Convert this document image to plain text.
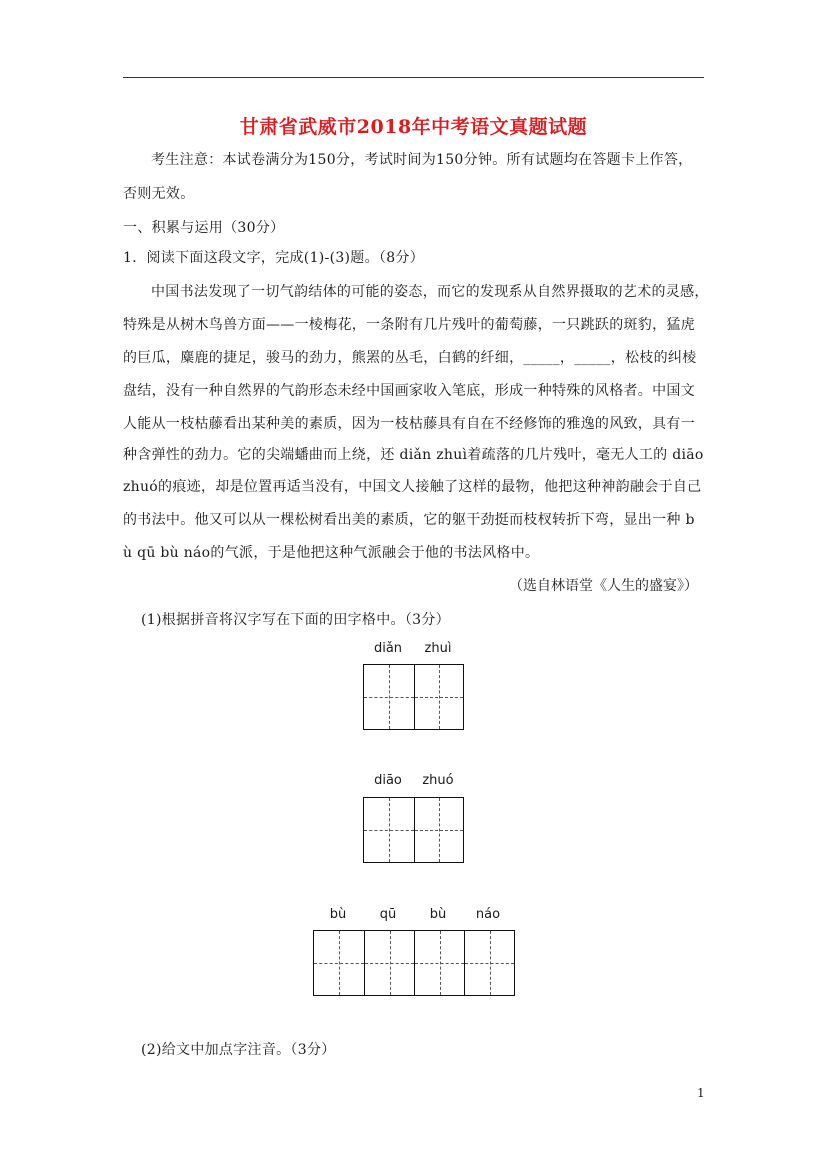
甘肃省武威市2018年中考语文真题试题
考生注意：本试卷满分为150分，考试时间为150分钟。所有试题均在答题卡上作答，
否则无效。
一、积累与运用（30分）
1．阅读下面这段文字，完成(1)-(3)题。（8分）
中国书法发现了一切气韵结体的可能的姿态，而它的发现系从自然界摄取的艺术的灵感，
特殊是从树木鸟兽方面——一棱梅花，一条附有几片残叶的葡萄藤，一只跳跃的斑豹，猛虎
的巨瓜，麋鹿的捷足，骏马的劲力，熊罴的丛毛，白鹤的纤细，_____，_____，松枝的纠棱
盘结，没有一种自然界的气韵形态未经中国画家收入笔底，形成一种特殊的风格者。中国文
人能从一枝枯藤看出某种美的素质，因为一枝枯藤具有自在不经修饰的雅逸的风致，具有一
种含弹性的劲力。它的尖端蟠曲而上绕，还 diǎn zhuì着疏落的几片残叶，毫无人工的 diāo
zhuó的痕迹，却是位置再适当没有，中国文人接触了这样的最物，他把这种神韵融会于自己
的书法中。他又可以从一棵松树看出美的素质，它的躯干劲挺而枝杈转折下弯，显出一种 b
ù qū bù náo的气派，于是他把这种气派融会于他的书法风格中。
（选自林语堂《人生的盛宴》）
(1)根据拼音将汉字写在下面的田字格中。（3分）
diǎn	zhuì
diāo	zhuó
bù	qū	bù	náo
(2)给文中加点字注音。（3分）
1
